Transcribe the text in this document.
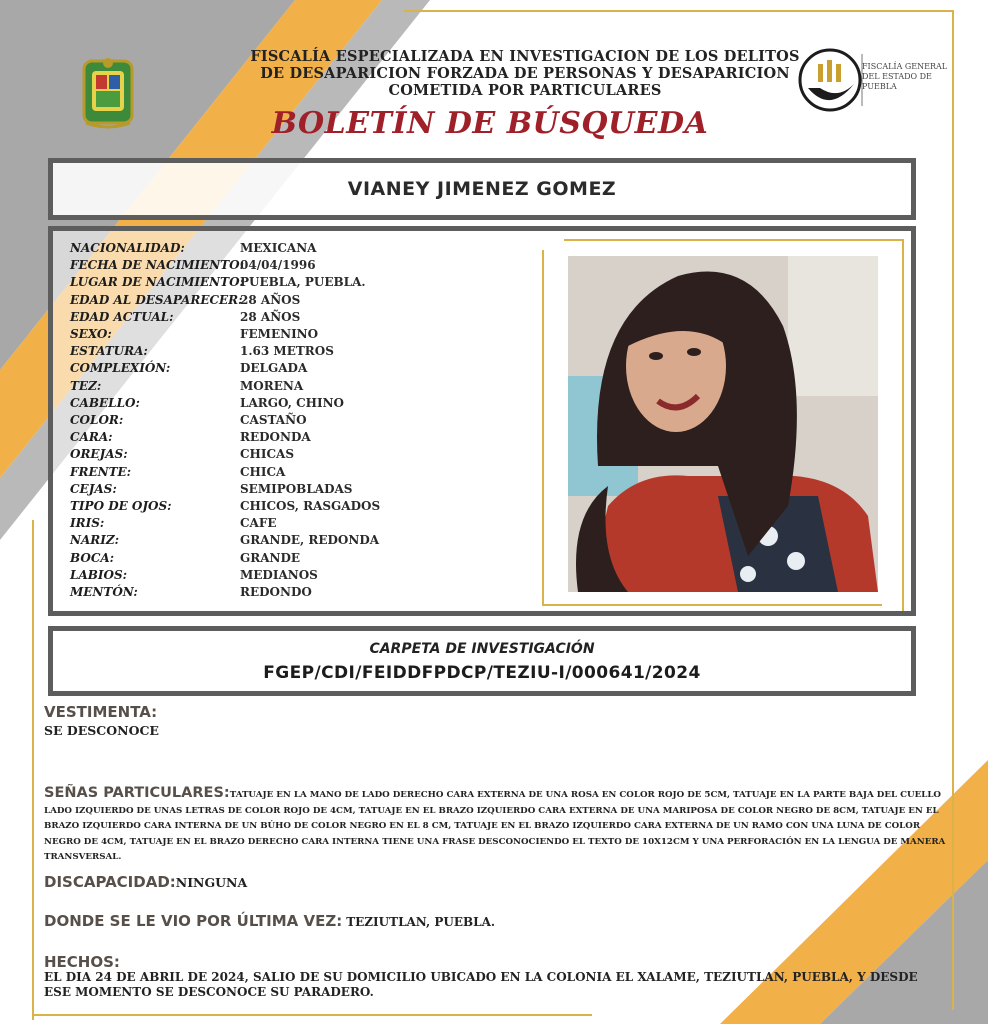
FISCALÍA ESPECIALIZADA EN INVESTIGACION DE LOS DELITOS
DE DESAPARICION FORZADA DE PERSONAS Y DESAPARICION
COMETIDA POR PARTICULARES
BOLETÍN DE BÚSQUEDA
FISCALÍA GENERAL DEL ESTADO DE PUEBLA
VIANEY JIMENEZ GOMEZ
NACIONALIDAD:	MEXICANA
FECHA DE NACIMIENTO:
04/04/1996
LUGAR DE NACIMIENTO:
PUEBLA, PUEBLA.
EDAD AL DESAPARECER:
28 AÑOS
EDAD ACTUAL:	28 AÑOS
SEXO:	FEMENINO
ESTATURA:	1.63 METROS
COMPLEXIÓN:	DELGADA
TEZ:	MORENA
CABELLO:	LARGO, CHINO
COLOR:	CASTAÑO
CARA:	REDONDA
OREJAS:	CHICAS
FRENTE:	CHICA
CEJAS:	SEMIPOBLADAS
TIPO DE OJOS:	CHICOS, RASGADOS
IRIS:	CAFE
NARIZ:	GRANDE, REDONDA
BOCA:	GRANDE
LABIOS:	MEDIANOS
MENTÓN:	REDONDO
CARPETA DE INVESTIGACIÓN
FGEP/CDI/FEIDDFPDCP/TEZIU-I/000641/2024
VESTIMENTA:
SE DESCONOCE
SEÑAS PARTICULARES:TATUAJE EN LA MANO DE LADO DERECHO CARA EXTERNA DE UNA ROSA EN COLOR ROJO DE 5CM, TATUAJE EN LA PARTE BAJA DEL CUELLO LADO IZQUIERDO DE UNAS LETRAS DE COLOR ROJO DE 4CM, TATUAJE EN EL BRAZO IZQUIERDO CARA EXTERNA DE UNA MARIPOSA DE COLOR NEGRO DE 8CM, TATUAJE EN EL BRAZO IZQUIERDO CARA INTERNA DE UN BÚHO DE COLOR NEGRO EN EL 8 CM, TATUAJE EN EL BRAZO IZQUIERDO CARA EXTERNA DE UN RAMO CON UNA LUNA DE COLOR NEGRO DE 4CM, TATUAJE EN EL BRAZO DERECHO CARA INTERNA TIENE UNA FRASE DESCONOCIENDO EL TEXTO DE 10X12CM Y UNA PERFORACIÓN EN LA LENGUA DE MANERA TRANSVERSAL.
DISCAPACIDAD:NINGUNA
DONDE SE LE VIO POR ÚLTIMA VEZ: TEZIUTLAN, PUEBLA.
HECHOS:
EL DIA 24 DE ABRIL DE 2024, SALIO DE SU DOMICILIO UBICADO EN LA COLONIA EL XALAME, TEZIUTLAN, PUEBLA, Y DESDE ESE MOMENTO SE DESCONOCE SU PARADERO.
